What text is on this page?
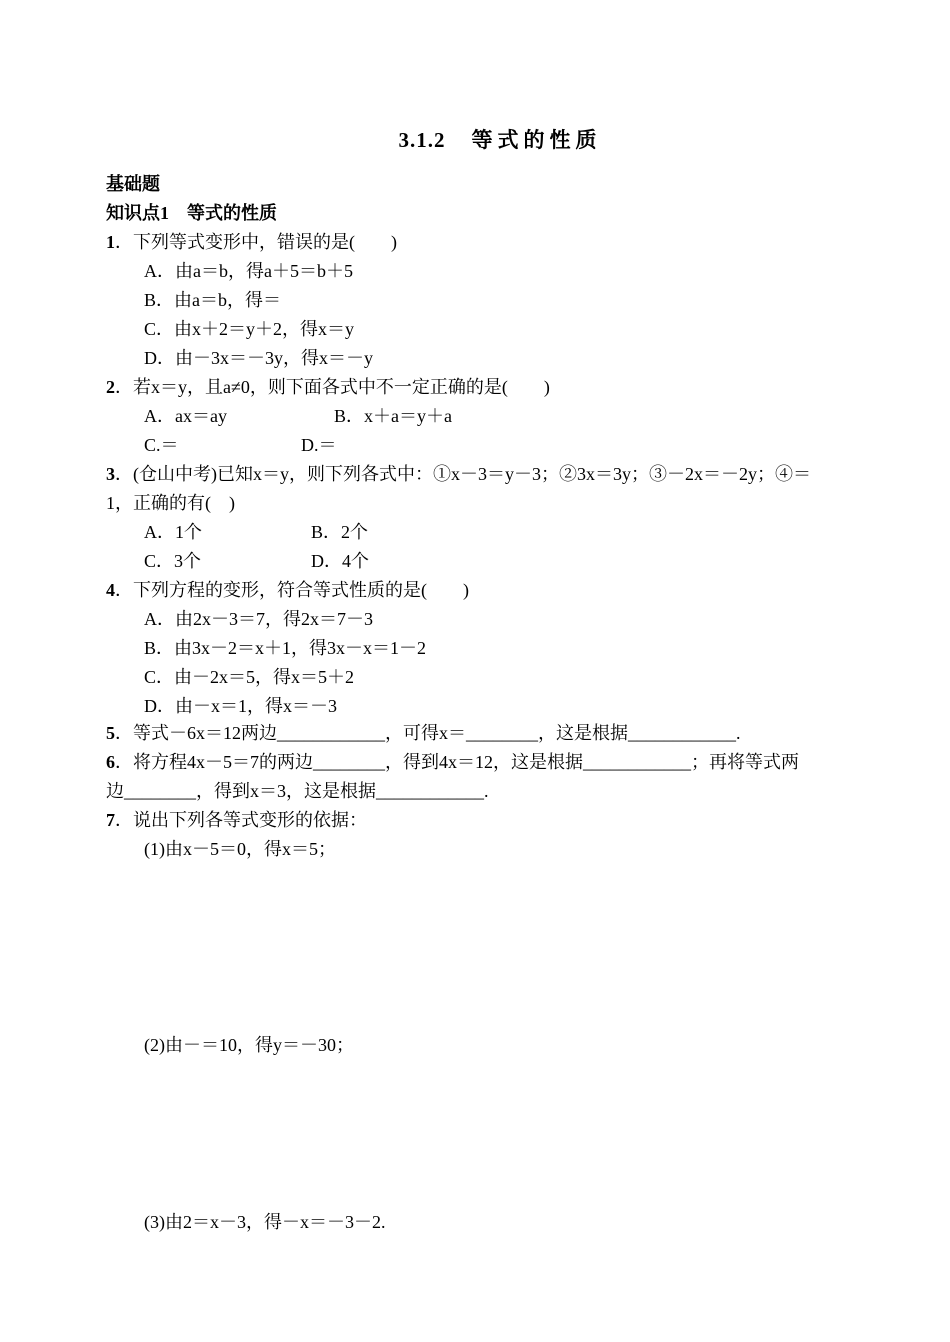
3.1.2 等式的性质
基础题
知识点1　等式的性质
1．下列等式变形中，错误的是(　　)
A．由a＝b，得a＋5＝b＋5
B．由a＝b，得＝
C．由x＋2＝y＋2，得x＝y
D．由－3x＝－3y，得x＝－y
2．若x＝y，且a≠0，则下面各式中不一定正确的是(　　)
A．ax＝ay	B．x＋a＝y＋a
C.＝	D.＝
3．(仓山中考)已知x＝y，则下列各式中：①x－3＝y－3；②3x＝3y；③－2x＝－2y；④＝
1，正确的有(　)
A．1个	B．2个
C．3个	D．4个
4．下列方程的变形，符合等式性质的是(　　)
A．由2x－3＝7，得2x＝7－3
B．由3x－2＝x＋1，得3x－x＝1－2
C．由－2x＝5，得x＝5＋2
D．由－x＝1，得x＝－3
5．等式－6x＝12两边____________，可得x＝________，这是根据____________.
6．将方程4x－5＝7的两边________，得到4x＝12，这是根据____________；再将等式两
边________，得到x＝3，这是根据____________.
7．说出下列各等式变形的依据：
(1)由x－5＝0，得x＝5；
(2)由－＝10，得y＝－30；
(3)由2＝x－3，得－x＝－3－2.
